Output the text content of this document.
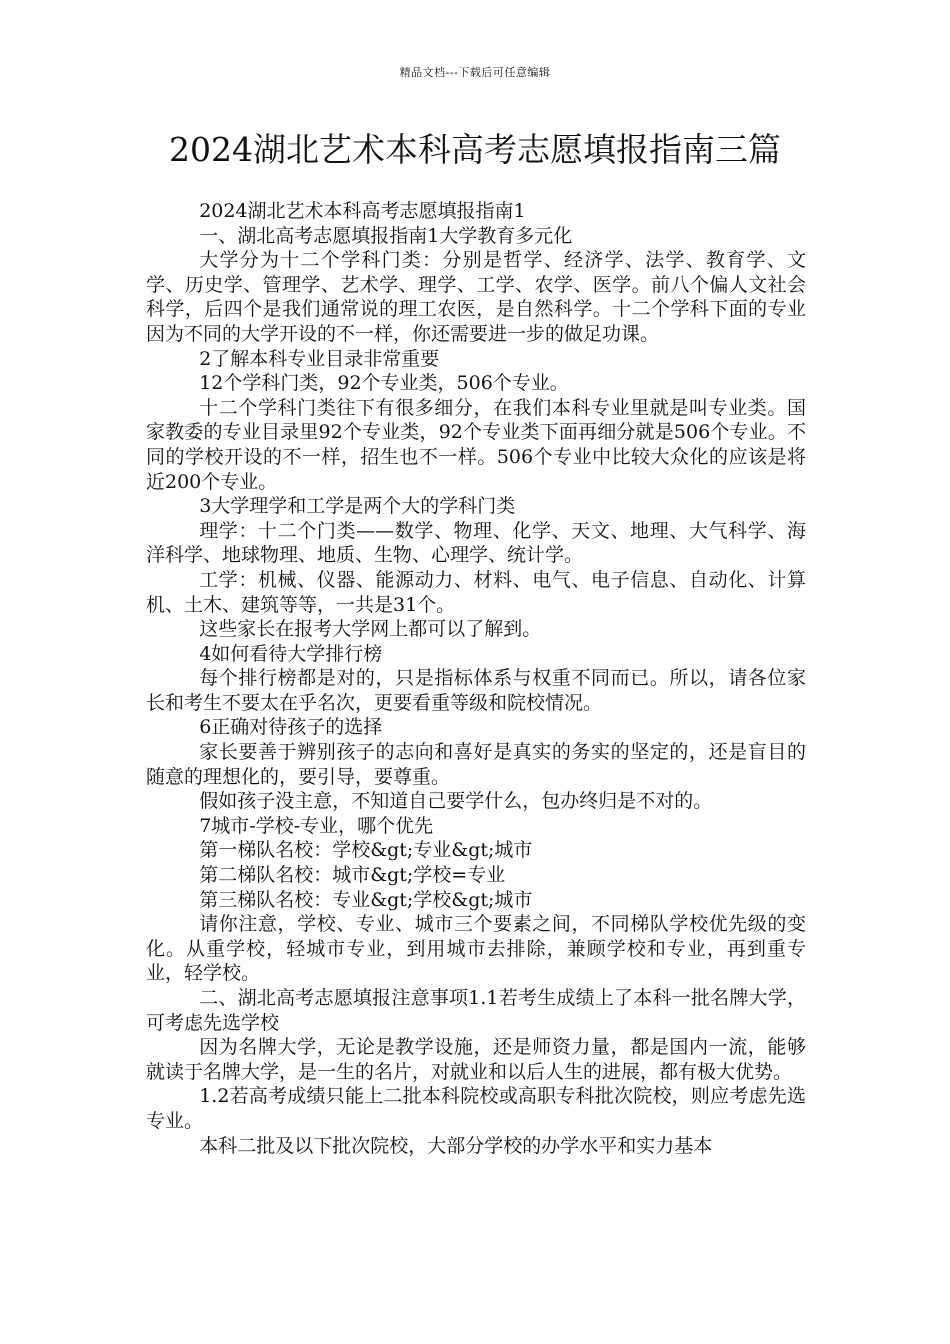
精品文档---下载后可任意编辑
2024湖北艺术本科高考志愿填报指南三篇

2024湖北艺术本科高考志愿填报指南1

一、湖北高考志愿填报指南1大学教育多元化

大学分为十二个学科门类：分别是哲学、经济学、法学、教育学、文学、历史学、管理学、艺术学、理学、工学、农学、医学。前八个偏人文社会科学，后四个是我们通常说的理工农医，是自然科学。十二个学科下面的专业因为不同的大学开设的不一样，你还需要进一步的做足功课。

2了解本科专业目录非常重要

12个学科门类，92个专业类，506个专业。

十二个学科门类往下有很多细分，在我们本科专业里就是叫专业类。国家教委的专业目录里92个专业类，92个专业类下面再细分就是506个专业。不同的学校开设的不一样，招生也不一样。506个专业中比较大众化的应该是将近200个专业。

3大学理学和工学是两个大的学科门类

理学：十二个门类——数学、物理、化学、天文、地理、大气科学、海洋科学、地球物理、地质、生物、心理学、统计学。

工学：机械、仪器、能源动力、材料、电气、电子信息、自动化、计算机、土木、建筑等等，一共是31个。

这些家长在报考大学网上都可以了解到。

4如何看待大学排行榜

每个排行榜都是对的，只是指标体系与权重不同而已。所以，请各位家长和考生不要太在乎名次，更要看重等级和院校情况。

6正确对待孩子的选择

家长要善于辨别孩子的志向和喜好是真实的务实的坚定的，还是盲目的随意的理想化的，要引导，要尊重。

假如孩子没主意，不知道自己要学什么，包办终归是不对的。

7城市-学校-专业，哪个优先

第一梯队名校：学校&gt;专业&gt;城市

第二梯队名校：城市&gt;学校=专业

第三梯队名校：专业&gt;学校&gt;城市

请你注意，学校、专业、城市三个要素之间，不同梯队学校优先级的变化。从重学校，轻城市专业，到用城市去排除，兼顾学校和专业，再到重专业，轻学校。

二、湖北高考志愿填报注意事项1.1若考生成绩上了本科一批名牌大学，可考虑先选学校

因为名牌大学，无论是教学设施，还是师资力量，都是国内一流，能够就读于名牌大学，是一生的名片，对就业和以后人生的进展，都有极大优势。

1.2若高考成绩只能上二批本科院校或高职专科批次院校，则应考虑先选专业。

本科二批及以下批次院校，大部分学校的办学水平和实力基本
